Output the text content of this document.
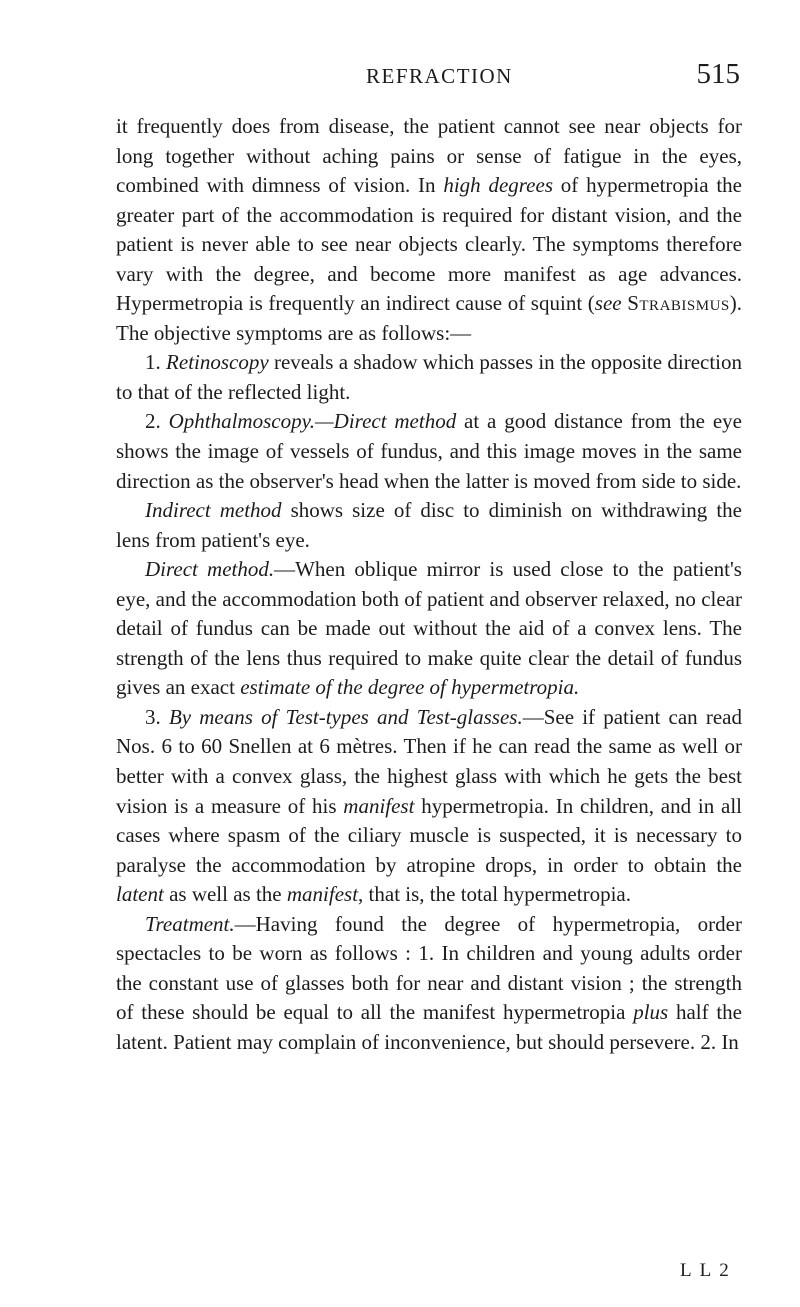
REFRACTION	515

it frequently does from disease, the patient cannot see near objects for long together without aching pains or sense of fatigue in the eyes, combined with dimness of vision. In high degrees of hypermetropia the greater part of the accommodation is required for distant vision, and the patient is never able to see near objects clearly. The symptoms therefore vary with the degree, and become more manifest as age advances. Hypermetropia is frequently an indirect cause of squint (see Strabismus). The objective symptoms are as follows:—

1. Retinoscopy reveals a shadow which passes in the opposite direction to that of the reflected light.

2. Ophthalmoscopy.—Direct method at a good distance from the eye shows the image of vessels of fundus, and this image moves in the same direction as the observer's head when the latter is moved from side to side.

Indirect method shows size of disc to diminish on withdrawing the lens from patient's eye.

Direct method.—When oblique mirror is used close to the patient's eye, and the accommodation both of patient and observer relaxed, no clear detail of fundus can be made out without the aid of a convex lens. The strength of the lens thus required to make quite clear the detail of fundus gives an exact estimate of the degree of hypermetropia.

3. By means of Test-types and Test-glasses.—See if patient can read Nos. 6 to 60 Snellen at 6 mètres. Then if he can read the same as well or better with a convex glass, the highest glass with which he gets the best vision is a measure of his manifest hypermetropia. In children, and in all cases where spasm of the ciliary muscle is suspected, it is necessary to paralyse the accommodation by atropine drops, in order to obtain the latent as well as the manifest, that is, the total hypermetropia.

Treatment.—Having found the degree of hypermetropia, order spectacles to be worn as follows : 1. In children and young adults order the constant use of glasses both for near and distant vision ; the strength of these should be equal to all the manifest hypermetropia plus half the latent. Patient may complain of inconvenience, but should persevere. 2. In

L L 2
